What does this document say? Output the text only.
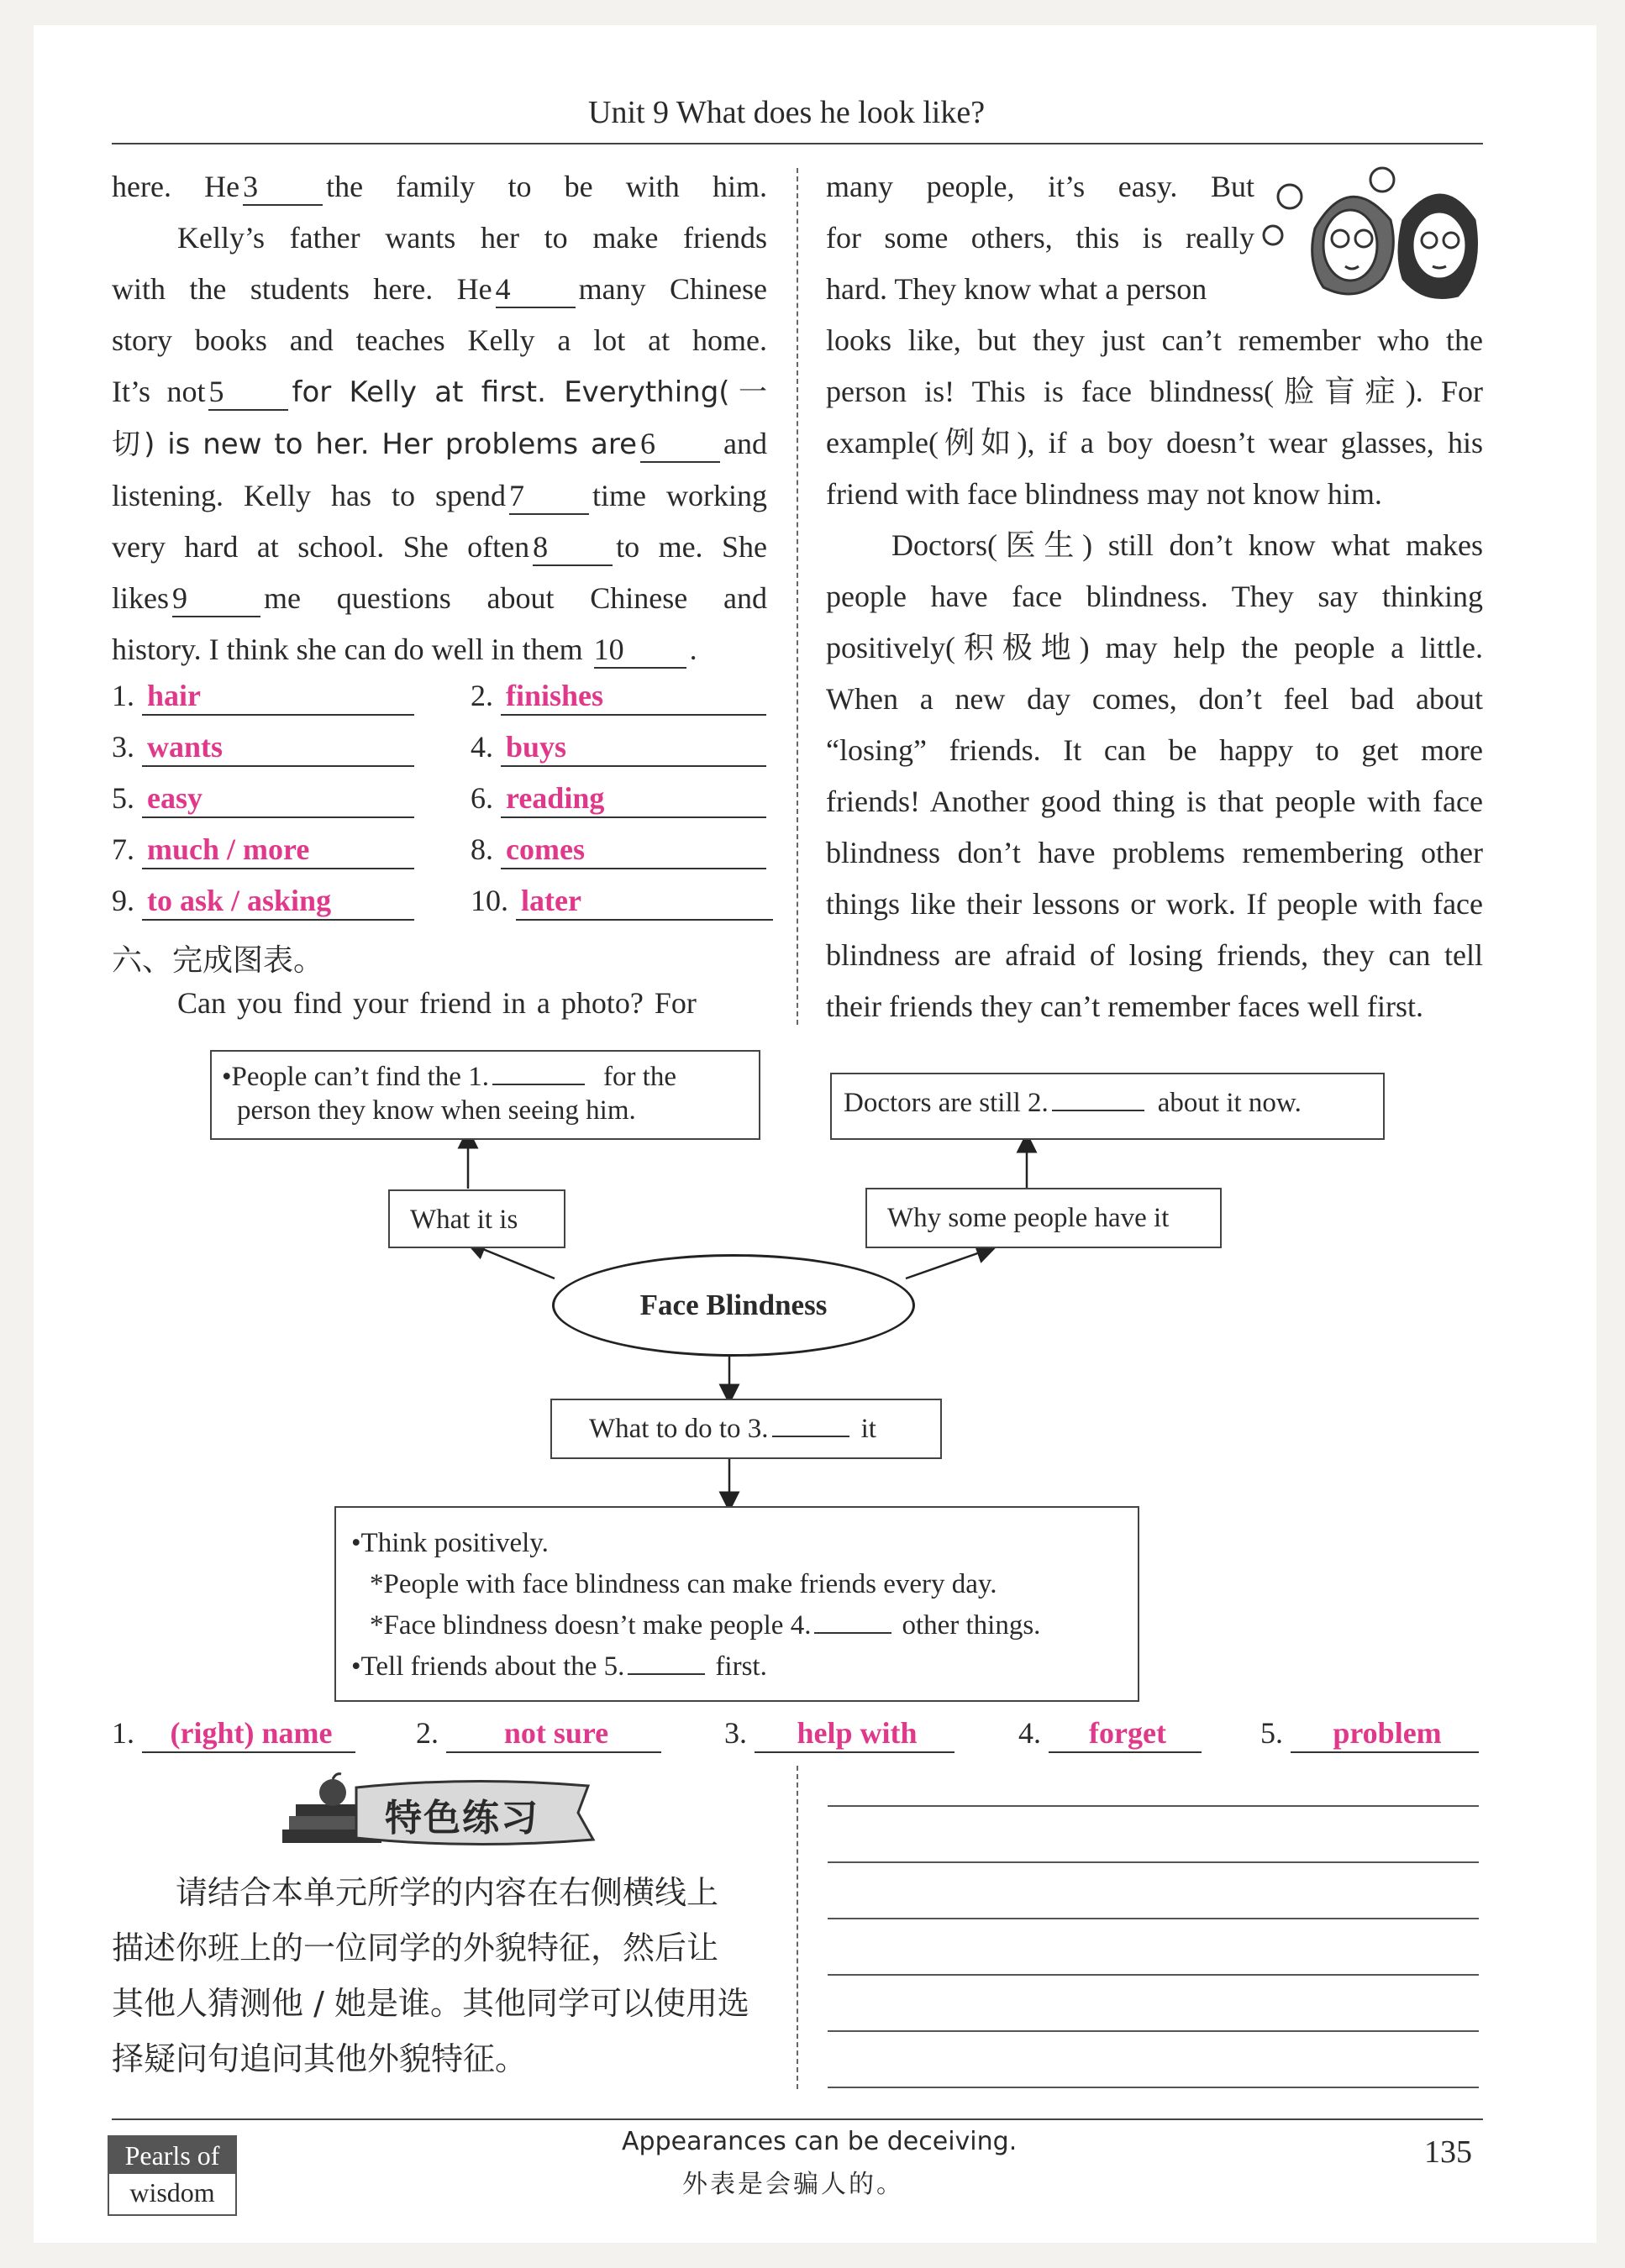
Unit 9 What does he look like?
here. He 3 the family to be with him.
Kelly’s father wants her to make friends
with the students here. He 4 many Chinese
story books and teaches Kelly a lot at home.
It’s not 5 for Kelly at first. Everything(一
切) is new to her. Her problems are 6 and
listening. Kelly has to spend 7 time working
very hard at school. She often 8 to me. She
likes 9	me questions about Chinese and
history. I think she can do well in them 10 .
1. hair	2. finishes
3. wants	4. buys
5. easy	6. reading
7. much / more	8. comes
9. to ask / asking	10. later
六、完成图表。
Can you find your friend in a photo? For
many people, it’s easy. But
for some others, this is really
hard. They know what a person
looks like, but they just can’t remember who the
person is! This is face blindness(脸盲症). For
example(例如), if a boy doesn’t wear glasses, his
friend with face blindness may not know him.
Doctors(医生) still don’t know what makes
people have face blindness. They say thinking
positively(积极地) may help the people a little.
When a new day comes, don’t feel bad about
“losing” friends. It can be happy to get more
friends! Another good thing is that people with face
blindness don’t have problems remembering other
things like their lessons or work. If people with face
blindness are afraid of losing friends, they can tell
their friends they can’t remember faces well first.
•People can’t find the 1.	for the
person they know when seeing him.	Doctors are still 2.	about it now.
What it is	Why some people have it
Face Blindness
What to do to 3.	it
•Think positively.
*People with face blindness can make friends every day.
*Face blindness doesn’t make people 4.	other things.
•Tell friends about the 5.	first.
1. (right) name	2. not sure	3. help with	4. forget	5. problem
特色练习
请结合本单元所学的内容在右侧横线上
描述你班上的一位同学的外貌特征，然后让
其他人猜测他 / 她是谁。其他同学可以使用选
择疑问句追问其他外貌特征。
Pearls of
wisdom
Appearances can be deceiving.
外表是会骗人的。
135
